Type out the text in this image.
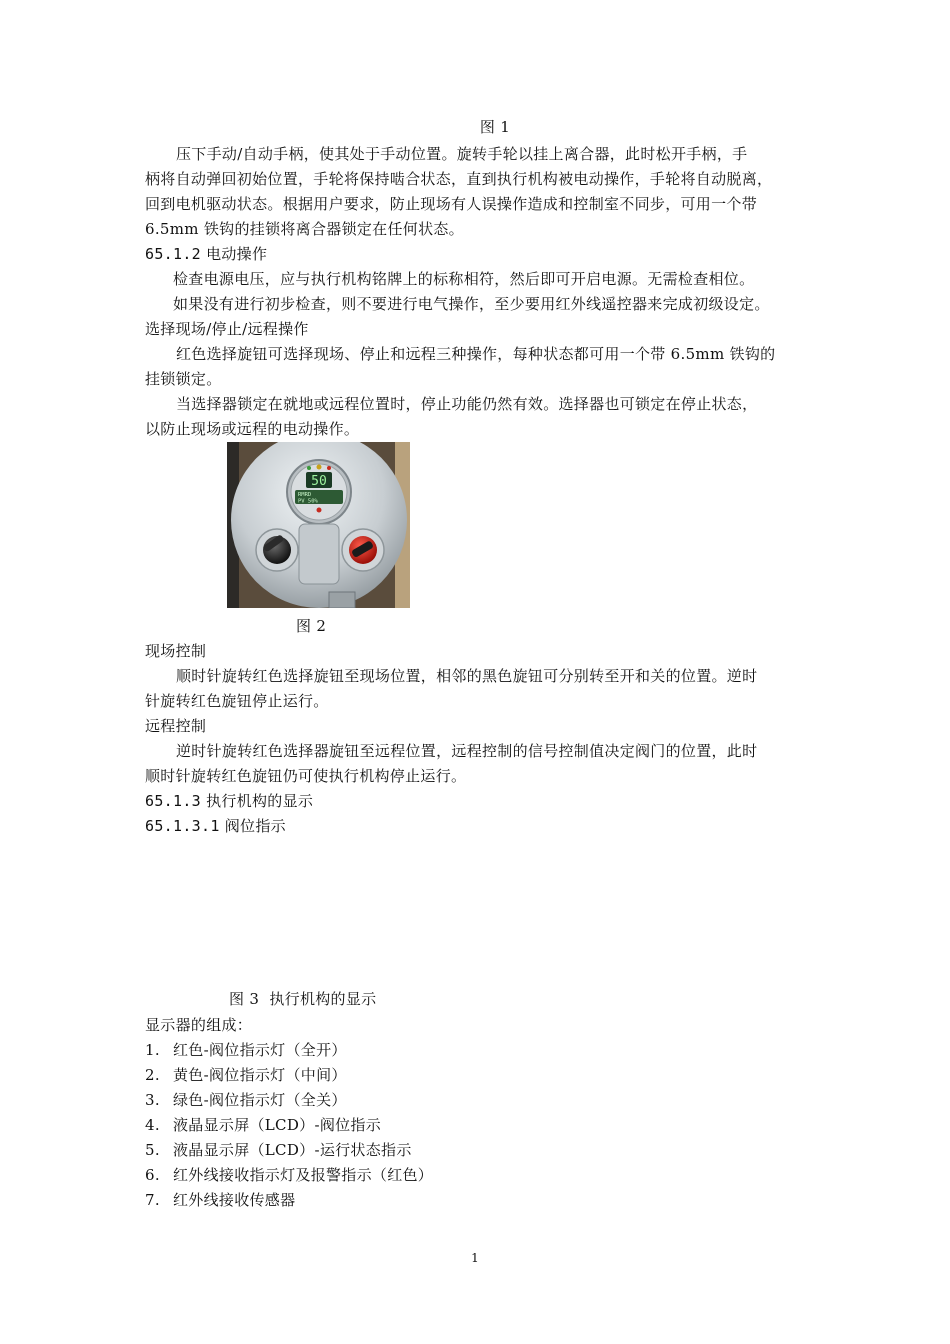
图 1
压下手动/自动手柄，使其处于手动位置。旋转手轮以挂上离合器，此时松开手柄，手
柄将自动弹回初始位置，手轮将保持啮合状态，直到执行机构被电动操作，手轮将自动脱离，
回到电机驱动状态。根据用户要求，防止现场有人误操作造成和控制室不同步，可用一个带
6.5mm 铁钩的挂锁将离合器锁定在任何状态。
65.1.2 电动操作
检查电源电压，应与执行机构铭牌上的标称相符，然后即可开启电源。无需检查相位。
如果没有进行初步检查，则不要进行电气操作，至少要用红外线遥控器来完成初级设定。
选择现场/停止/远程操作
红色选择旋钮可选择现场、停止和远程三种操作，每种状态都可用一个带 6.5mm 铁钩的
挂锁锁定。
当选择器锁定在就地或远程位置时，停止功能仍然有效。选择器也可锁定在停止状态，
以防止现场或远程的电动操作。
50
RMRD
PV 50%
图 2
现场控制
顺时针旋转红色选择旋钮至现场位置，相邻的黑色旋钮可分别转至开和关的位置。逆时
针旋转红色旋钮停止运行。
远程控制
逆时针旋转红色选择器旋钮至远程位置，远程控制的信号控制值决定阀门的位置，此时
顺时针旋转红色旋钮仍可使执行机构停止运行。
65.1.3 执行机构的显示
65.1.3.1 阀位指示
图 3  执行机构的显示
显示器的组成：
1. 红色-阀位指示灯（全开）
2. 黄色-阀位指示灯（中间）
3. 绿色-阀位指示灯（全关）
4. 液晶显示屏（LCD）-阀位指示
5. 液晶显示屏（LCD）-运行状态指示
6. 红外线接收指示灯及报警指示（红色）
7. 红外线接收传感器
1
